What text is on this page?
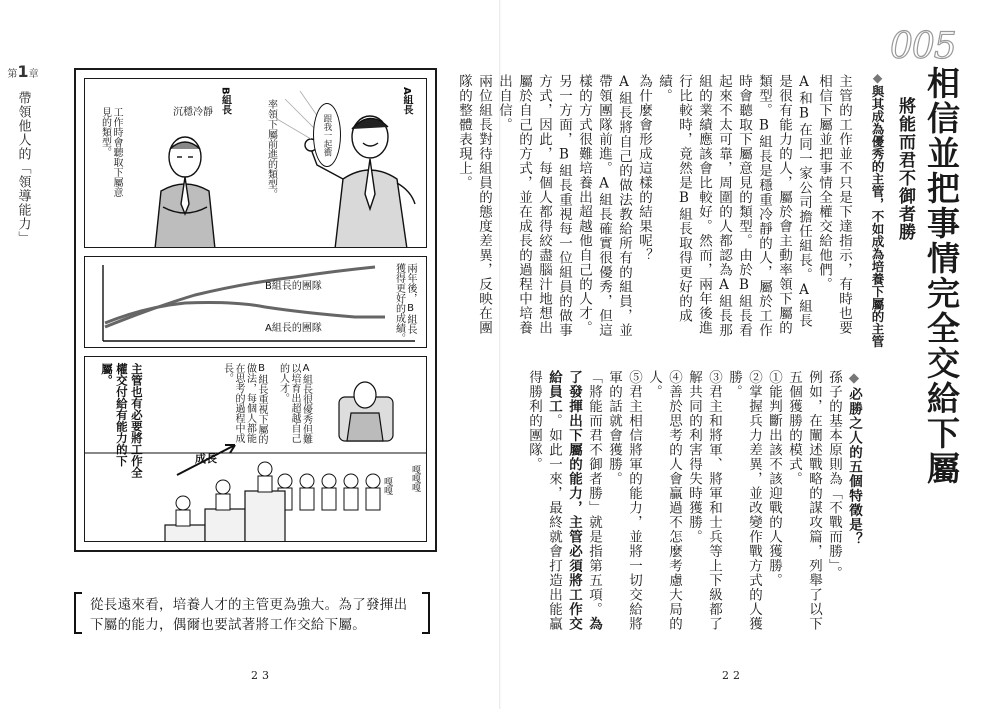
第1章
帶領他人的「領導能力」	A組長
率領下屬前進的類型。	跟我一起衝
B組長
沉穩冷靜
工作時會聽取下屬意見的類型。
兩年後，B組長獲得更好的成績。
B組長的團隊
A組長的團隊
A組長很優秀但難以培育出超越自己的人才。
嘎嘎嘎
嘎嘎
B組長重視下屬的做法，每個人都能在思考的過程中成長。
成長
主管也有必要將工作全權交付給有能力的下屬。

從長遠來看，培養人才的主管更為強大。為了發揮出下屬的能力，偶爾也要試著將工作交給下屬。

23
005
相信並把事情完全交給下屬
將能而君不御者勝
◆與其成為優秀的主管，不如成為培養下屬的主管

主管的工作並不只是下達指示，有時也要相信下屬並把事情全權交給他們。

A和B在同一家公司擔任組長。A組長是很有能力的人，屬於會主動率領下屬的類型。B組長是穩重冷靜的人，屬於工作時會聽取下屬意見的類型。由於B組長看起來不太可靠，周圍的人都認為A組長那組的業績應該會比較好。然而，兩年後進行比較時，竟然是B組長取得更好的成績。

為什麼會形成這樣的結果呢？

A組長將自己的做法教給所有的組員，並帶領團隊前進。A組長確實很優秀，但這樣的方式很難培養出超越他自己的人才。另一方面，B組長重視每一位組員的做事方式，因此，每個人都得絞盡腦汁地想出屬於自己的方式，並在成長的過程中培養出自信。

兩位組長對待組員的態度差異，反映在團隊的整體表現上。

◆必勝之人的五個特徵是？

孫子的基本原則為「不戰而勝」。

例如，在闡述戰略的謀攻篇，列舉了以下五個獲勝的模式。

①能判斷出該不該迎戰的人獲勝。

②掌握兵力差異，並改變作戰方式的人獲勝。

③君主和將軍、將軍和士兵等上下級都了解共同的利害得失時獲勝。

④善於思考的人會贏過不怎麼考慮大局的人。

⑤君主相信將軍的能力，並將一切交給將軍的話就會獲勝。

「將能而君不御者勝」就是指第五項。為了發揮出下屬的能力，主管必須將工作交給員工。如此一來，最終就會打造出能贏得勝利的團隊。

22
